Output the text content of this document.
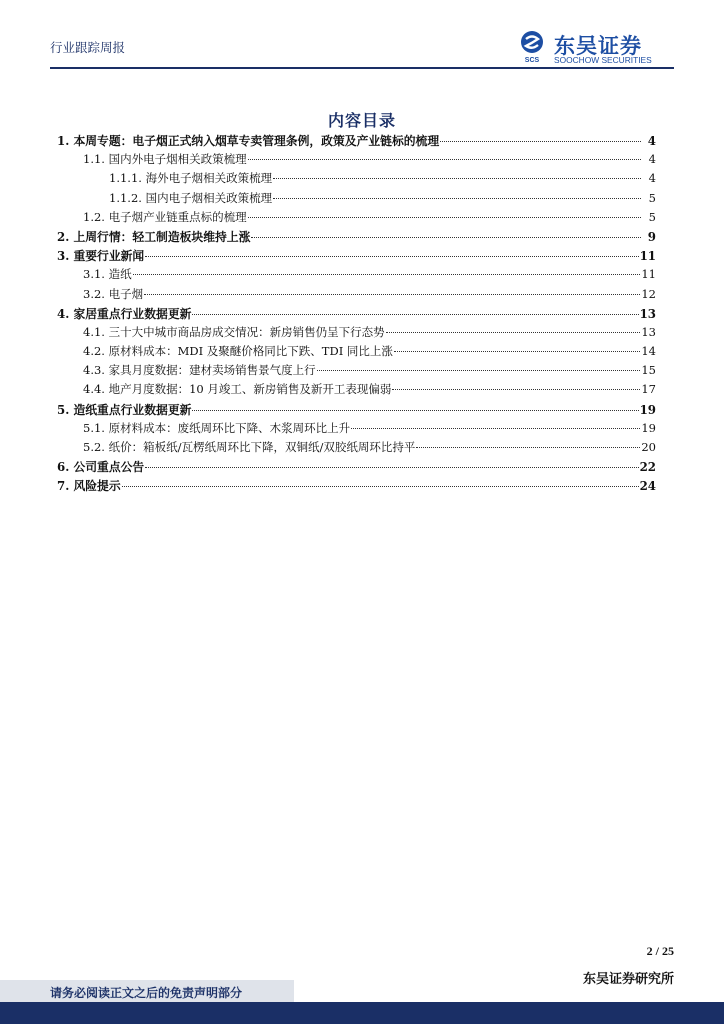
行业跟踪周报
SCS
东吴证券
SOOCHOW SECURITIES
内容目录
1. 本周专题：电子烟正式纳入烟草专卖管理条例，政策及产业链标的梳理	4
1.1. 国内外电子烟相关政策梳理	4
1.1.1. 海外电子烟相关政策梳理	4
1.1.2. 国内电子烟相关政策梳理	5
1.2. 电子烟产业链重点标的梳理	5
2. 上周行情：轻工制造板块维持上涨	9
3. 重要行业新闻	11
3.1. 造纸	11
3.2. 电子烟	12
4. 家居重点行业数据更新	13
4.1. 三十大中城市商品房成交情况：新房销售仍呈下行态势	13
4.2. 原材料成本：MDI 及聚醚价格同比下跌、TDI 同比上涨	14
4.3. 家具月度数据：建材卖场销售景气度上行	15
4.4. 地产月度数据：10 月竣工、新房销售及新开工表现偏弱	17
5. 造纸重点行业数据更新	19
5.1. 原材料成本：废纸周环比下降、木浆周环比上升	19
5.2. 纸价：箱板纸/瓦楞纸周环比下降，双铜纸/双胶纸周环比持平	20
6. 公司重点公告	22
7. 风险提示	24
2 / 25
东吴证券研究所
请务必阅读正文之后的免责声明部分
